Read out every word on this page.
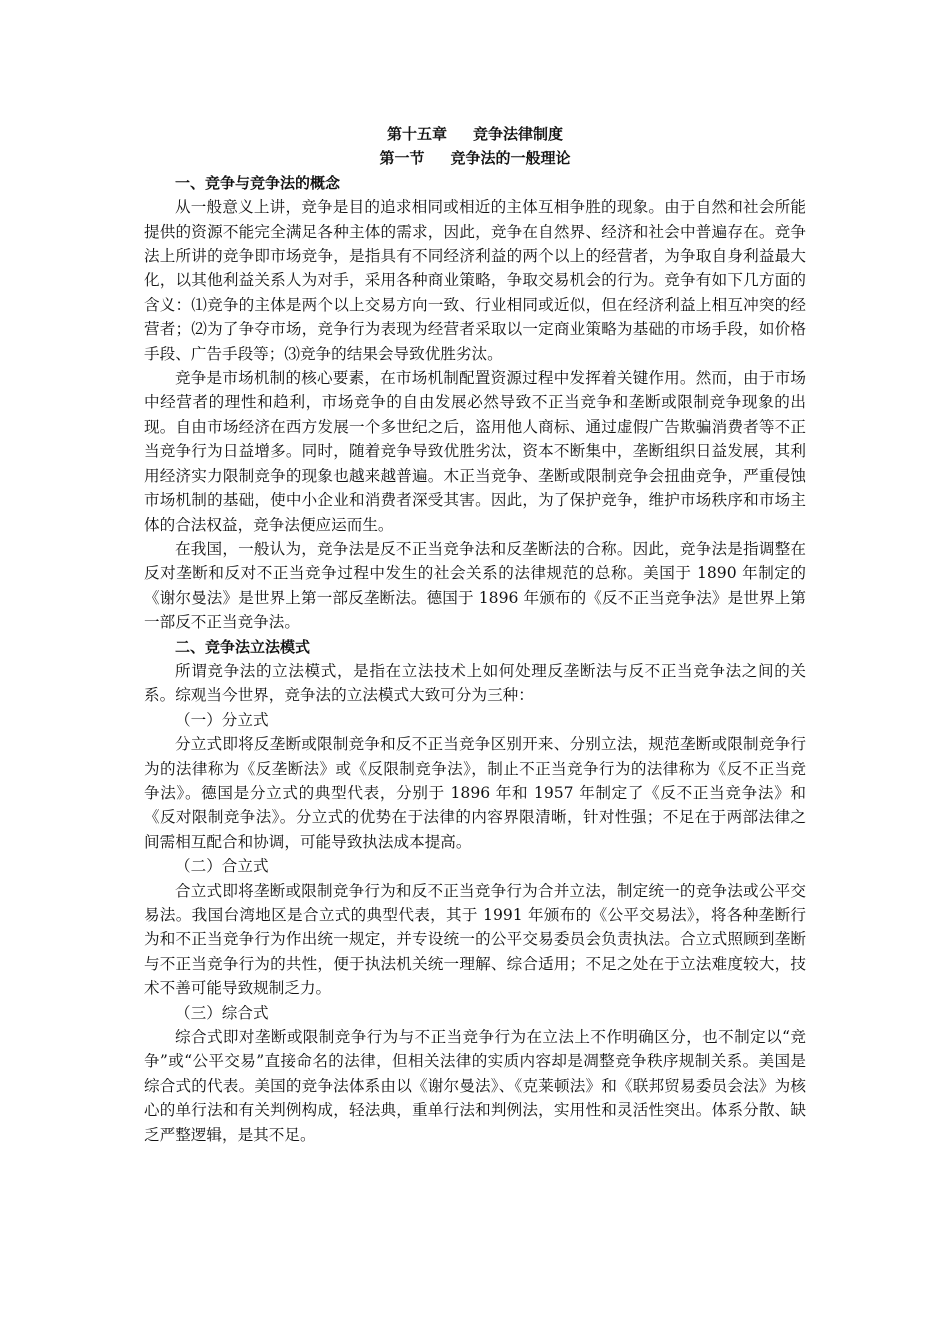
第十五章 竞争法律制度

第一节 竞争法的一般理论

一、竞争与竞争法的概念

从一般意义上讲，竞争是目的追求相同或相近的主体互相争胜的现象。由于自然和社会所能提供的资源不能完全满足各种主体的需求，因此，竞争在自然界、经济和社会中普遍存在。竞争法上所讲的竞争即市场竞争，是指具有不同经济利益的两个以上的经营者，为争取自身利益最大化，以其他利益关系人为对手，采用各种商业策略，争取交易机会的行为。竞争有如下几方面的含义：⑴竞争的主体是两个以上交易方向一致、行业相同或近似，但在经济利益上相互冲突的经营者；⑵为了争夺市场，竞争行为表现为经营者采取以一定商业策略为基础的市场手段，如价格手段、广告手段等；⑶竞争的结果会导致优胜劣汰。

竞争是市场机制的核心要素，在市场机制配置资源过程中发挥着关键作用。然而，由于市场中经营者的理性和趋利，市场竞争的自由发展必然导致不正当竞争和垄断或限制竞争现象的出现。自由市场经济在西方发展一个多世纪之后，盗用他人商标、通过虚假广告欺骗消费者等不正当竞争行为日益增多。同时，随着竞争导致优胜劣汰，资本不断集中，垄断组织日益发展，其利用经济实力限制竞争的现象也越来越普遍。木正当竞争、垄断或限制竞争会扭曲竞争，严重侵蚀市场机制的基础，使中小企业和消费者深受其害。因此，为了保护竞争，维护市场秩序和市场主体的合法权益，竞争法便应运而生。

在我国，一般认为，竞争法是反不正当竞争法和反垄断法的合称。因此，竞争法是指调整在反对垄断和反对不正当竞争过程中发生的社会关系的法律规范的总称。美国于 1890 年制定的《谢尔曼法》是世界上第一部反垄断法。德国于 1896 年颁布的《反不正当竞争法》是世界上第一部反不正当竞争法。

二、竞争法立法模式

所谓竞争法的立法模式，是指在立法技术上如何处理反垄断法与反不正当竞争法之间的关系。综观当今世界，竞争法的立法模式大致可分为三种：

（一）分立式

分立式即将反垄断或限制竞争和反不正当竞争区别开来、分别立法，规范垄断或限制竞争行为的法律称为《反垄断法》或《反限制竞争法》，制止不正当竞争行为的法律称为《反不正当竞争法》。德国是分立式的典型代表，分别于 1896 年和 1957 年制定了《反不正当竞争法》和《反对限制竞争法》。分立式的优势在于法律的内容界限清晰，针对性强；不足在于两部法律之间需相互配合和协调，可能导致执法成本提高。

（二）合立式

合立式即将垄断或限制竞争行为和反不正当竞争行为合并立法，制定统一的竞争法或公平交易法。我国台湾地区是合立式的典型代表，其于 1991 年颁布的《公平交易法》，将各种垄断行为和不正当竞争行为作出统一规定，并专设统一的公平交易委员会负责执法。合立式照顾到垄断与不正当竞争行为的共性，便于执法机关统一理解、综合适用；不足之处在于立法难度较大，技术不善可能导致规制乏力。

（三）综合式

综合式即对垄断或限制竞争行为与不正当竞争行为在立法上不作明确区分，也不制定以“竞争”或“公平交易”直接命名的法律，但相关法律的实质内容却是凋整竞争秩序规制关系。美国是综合式的代表。美国的竞争法体系由以《谢尔曼法》、《克莱顿法》和《联邦贸易委员会法》为核心的单行法和有关判例构成，轻法典，重单行法和判例法，实用性和灵活性突出。体系分散、缺乏严整逻辑，是其不足。
